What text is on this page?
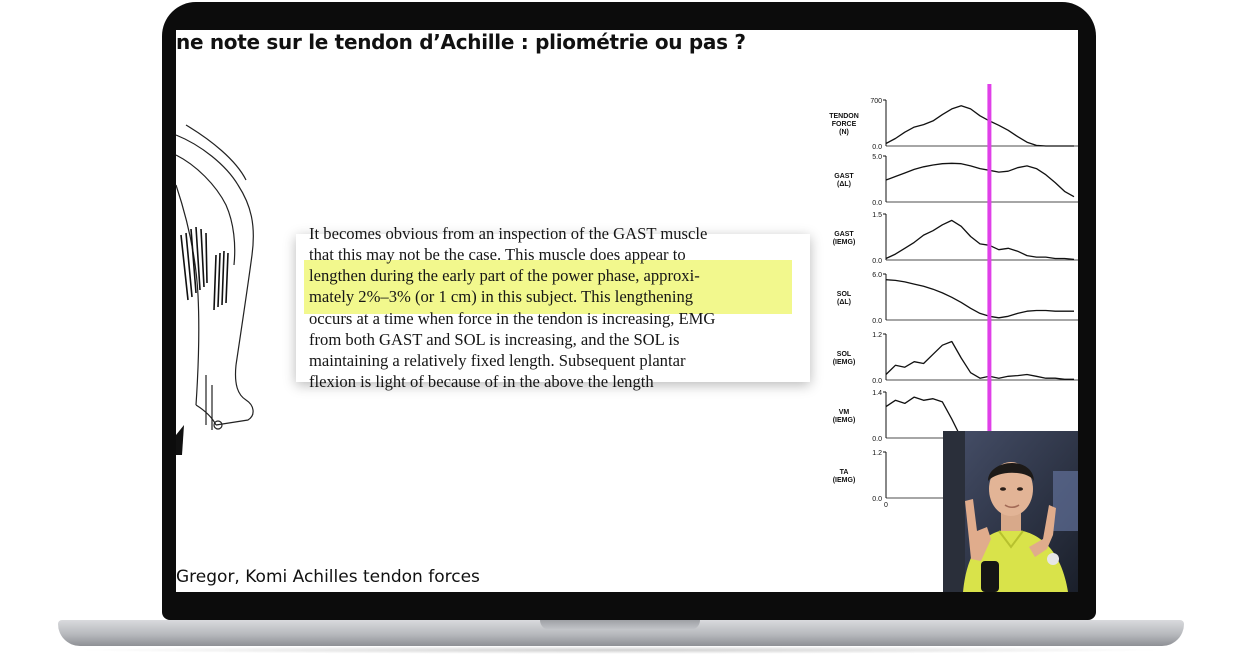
ne note sur le tendon d’Achille : pliométrie ou pas ?
It becomes obvious from an inspection of the GAST muscle
that this may not be the case. This muscle does appear to
lengthen during the early part of the power phase, approxi-
mately 2%–3% (or 1 cm) in this subject. This lengthening
occurs at a time when force in the tendon is increasing, EMG
from both GAST and SOL is increasing, and the SOL is
maintaining a relatively fixed length. Subsequent plantar
flexion is light of because of in the above the length
Gregor, Komi Achilles tendon forces
700
0.0
TENDON
FORCE
(N)
5.0
0.0
GAST
(ΔL)
1.5
0.0
GAST
(IEMG)
6.0
0.0
SOL
(ΔL)
1.2
0.0
SOL
(IEMG)
1.4
0.0
VM
(IEMG)
1.2
0.0
TA
(IEMG)
0
